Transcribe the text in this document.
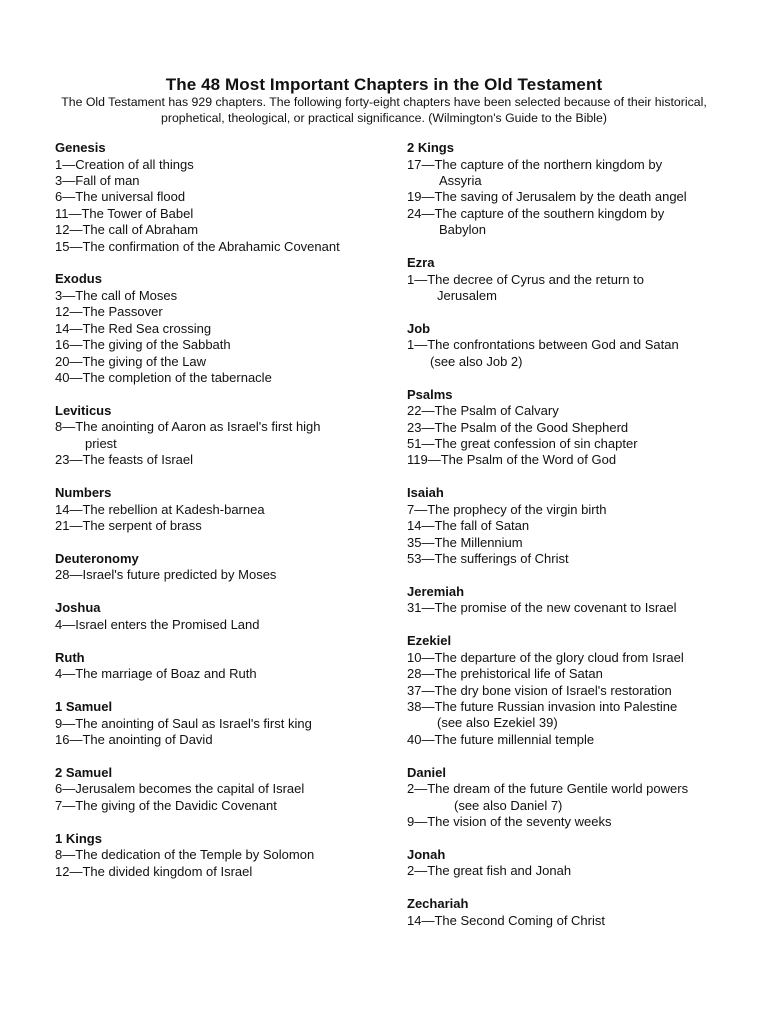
The 48 Most Important Chapters in the Old Testament
The Old Testament has 929 chapters. The following forty-eight chapters have been selected because of their historical, prophetical, theological, or practical significance. (Wilmington's Guide to the Bible)
Genesis
1—Creation of all things
3—Fall of man
6—The universal flood
11—The Tower of Babel
12—The call of Abraham
15—The confirmation of the Abrahamic Covenant
Exodus
3—The call of Moses
12—The Passover
14—The Red Sea crossing
16—The giving of the Sabbath
20—The giving of the Law
40—The completion of the tabernacle
Leviticus
8—The anointing of Aaron as Israel's first high
priest
23—The feasts of Israel
Numbers
14—The rebellion at Kadesh-barnea
21—The serpent of brass
Deuteronomy
28—Israel's future predicted by Moses
Joshua
4—Israel enters the Promised Land
Ruth
4—The marriage of Boaz and Ruth
1 Samuel
9—The anointing of Saul as Israel's first king
16—The anointing of David
2 Samuel
6—Jerusalem becomes the capital of Israel
7—The giving of the Davidic Covenant
1 Kings
8—The dedication of the Temple by Solomon
12—The divided kingdom of Israel
2 Kings
17—The capture of the northern kingdom by
Assyria
19—The saving of Jerusalem by the death angel
24—The capture of the southern kingdom by
Babylon
Ezra
1—The decree of Cyrus and the return to
Jerusalem
Job
1—The confrontations between God and Satan
(see also Job 2)
Psalms
22—The Psalm of Calvary
23—The Psalm of the Good Shepherd
51—The great confession of sin chapter
119—The Psalm of the Word of God
Isaiah
7—The prophecy of the virgin birth
14—The fall of Satan
35—The Millennium
53—The sufferings of Christ
Jeremiah
31—The promise of the new covenant to Israel
Ezekiel
10—The departure of the glory cloud from Israel
28—The prehistorical life of Satan
37—The dry bone vision of Israel's restoration
38—The future Russian invasion into Palestine
(see also Ezekiel 39)
40—The future millennial temple
Daniel
2—The dream of the future Gentile world powers
(see also Daniel 7)
9—The vision of the seventy weeks
Jonah
2—The great fish and Jonah
Zechariah
14—The Second Coming of Christ
